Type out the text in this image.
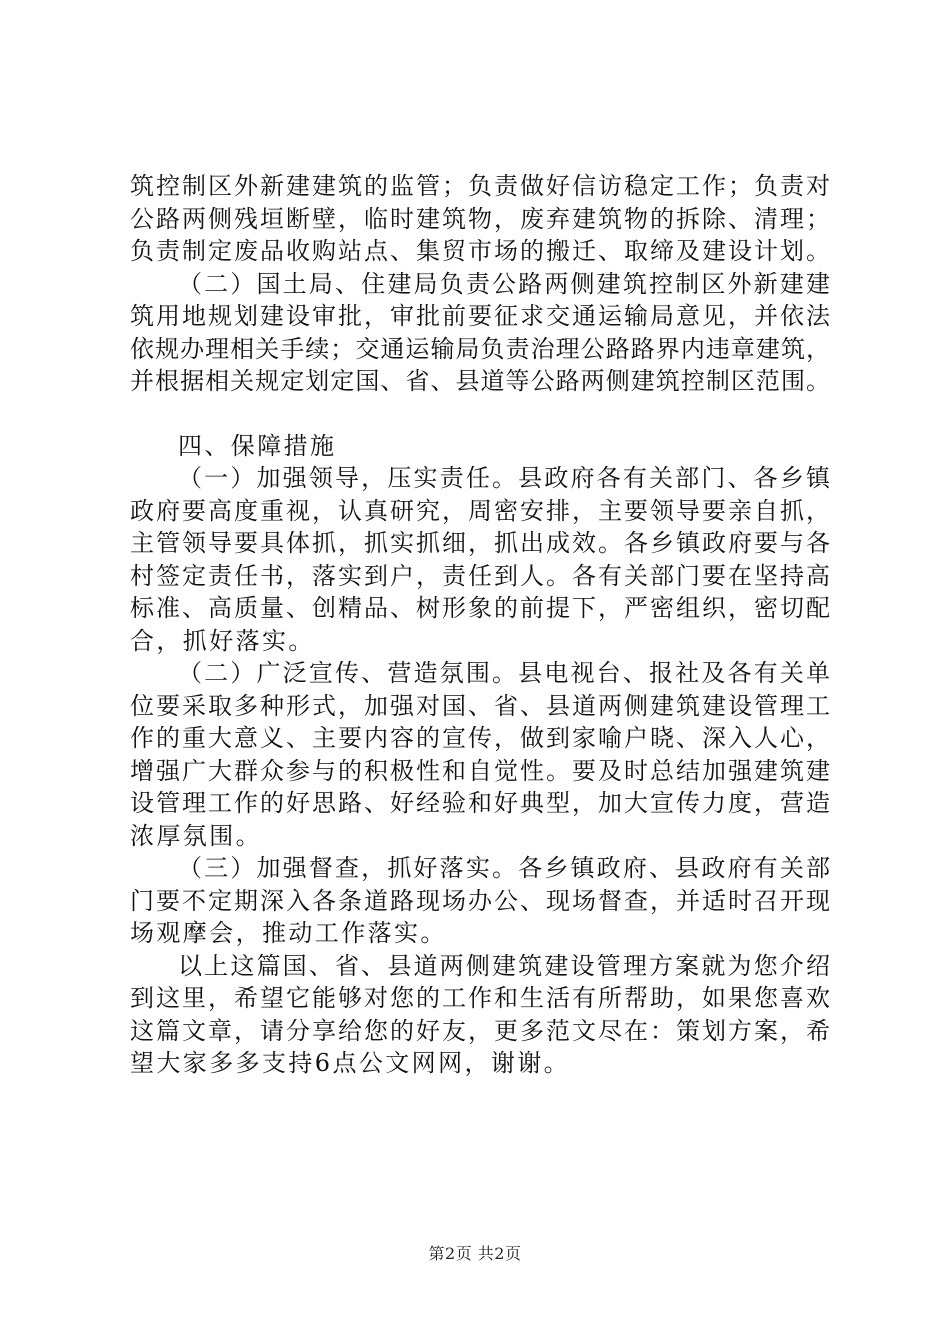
筑控制区外新建建筑的监管；负责做好信访稳定工作；负责对
公路两侧残垣断壁，临时建筑物，废弃建筑物的拆除、清理；
负责制定废品收购站点、集贸市场的搬迁、取缔及建设计划。
（二）国土局、住建局负责公路两侧建筑控制区外新建建
筑用地规划建设审批，审批前要征求交通运输局意见，并依法
依规办理相关手续；交通运输局负责治理公路路界内违章建筑，
并根据相关规定划定国、省、县道等公路两侧建筑控制区范围。
四、保障措施
（一）加强领导，压实责任。县政府各有关部门、各乡镇
政府要高度重视，认真研究，周密安排，主要领导要亲自抓，
主管领导要具体抓，抓实抓细，抓出成效。各乡镇政府要与各
村签定责任书，落实到户，责任到人。各有关部门要在坚持高
标准、高质量、创精品、树形象的前提下，严密组织，密切配
合，抓好落实。
（二）广泛宣传、营造氛围。县电视台、报社及各有关单
位要采取多种形式，加强对国、省、县道两侧建筑建设管理工
作的重大意义、主要内容的宣传，做到家喻户晓、深入人心，
增强广大群众参与的积极性和自觉性。要及时总结加强建筑建
设管理工作的好思路、好经验和好典型，加大宣传力度，营造
浓厚氛围。
（三）加强督查，抓好落实。各乡镇政府、县政府有关部
门要不定期深入各条道路现场办公、现场督查，并适时召开现
场观摩会，推动工作落实。
以上这篇国、省、县道两侧建筑建设管理方案就为您介绍
到这里，希望它能够对您的工作和生活有所帮助，如果您喜欢
这篇文章，请分享给您的好友，更多范文尽在：策划方案，希
望大家多多支持6点公文网网，谢谢。
第2页 共2页
